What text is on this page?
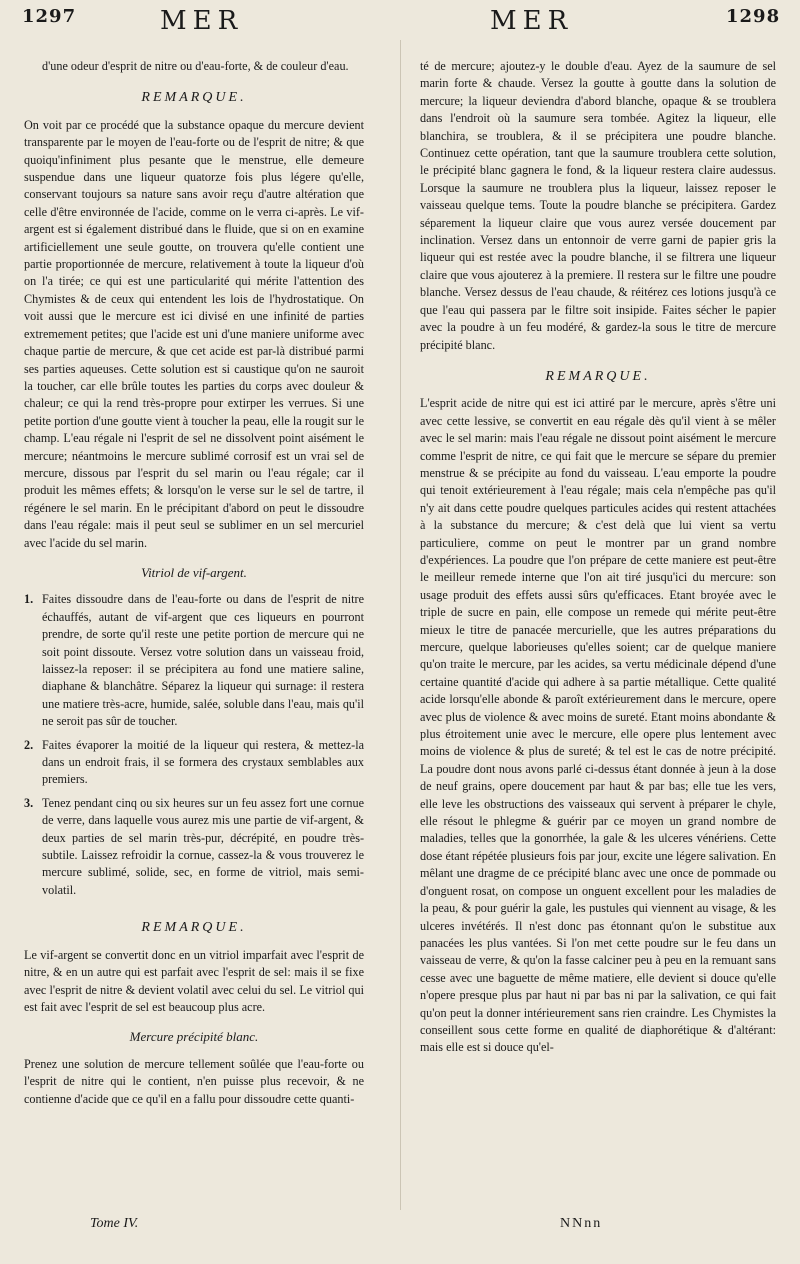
1297	MER	MER	1298

d'une odeur d'esprit de nitre ou d'eau-forte, & de couleur d'eau.

REMARQUE.

On voit par ce procédé que la substance opaque du mercure devient transparente par le moyen de l'eau-forte ou de l'esprit de nitre; & que quoiqu'infiniment plus pesante que le menstrue, elle demeure suspendue dans une liqueur quatorze fois plus légere qu'elle, conservant toujours sa nature sans avoir reçu d'autre altération que celle d'être environnée de l'acide, comme on le verra ci-après. Le vif-argent est si également distribué dans le fluide, que si on en examine artificiellement une seule goutte, on trouvera qu'elle contient une partie proportionnée de mercure, relativement à toute la liqueur d'où on l'a tirée; ce qui est une particularité qui mérite l'attention des Chymistes & de ceux qui entendent les lois de l'hydrostatique. On voit aussi que le mercure est ici divisé en une infinité de parties extremement petites; que l'acide est uni d'une maniere uniforme avec chaque partie de mercure, & que cet acide est par-là distribué parmi ses parties aqueuses. Cette solution est si caustique qu'on ne sauroit la toucher, car elle brûle toutes les parties du corps avec douleur & chaleur; ce qui la rend très-propre pour extirper les verrues. Si une petite portion d'une goutte vient à toucher la peau, elle la rougit sur le champ. L'eau régale ni l'esprit de sel ne dissolvent point aisément le mercure; néantmoins le mercure sublimé corrosif est un vrai sel de mercure, dissous par l'esprit du sel marin ou l'eau régale; car il produit les mêmes effets; & lorsqu'on le verse sur le sel de tartre, il régénere le sel marin. En le précipitant d'abord on peut le dissoudre dans l'eau régale: mais il peut seul se sublimer en un sel mercuriel avec l'acide du sel marin.

Vitriol de vif-argent.
1. Faites dissoudre dans de l'eau-forte ou dans de l'esprit de nitre échauffés, autant de vif-argent que ces liqueurs en pourront prendre, de sorte qu'il reste une petite portion de mercure qui ne soit point dissoute. Versez votre solution dans un vaisseau froid, laissez-la reposer: il se précipitera au fond une matiere saline, diaphane & blanchâtre. Séparez la liqueur qui surnage: il restera une matiere très-acre, humide, salée, soluble dans l'eau, mais qu'il ne seroit pas sûr de toucher.

2. Faites évaporer la moitié de la liqueur qui restera, & mettez-la dans un endroit frais, il se formera des crystaux semblables aux premiers.

3. Tenez pendant cinq ou six heures sur un feu assez fort une cornue de verre, dans laquelle vous aurez mis une partie de vif-argent, & deux parties de sel marin très-pur, décrépité, en poudre très-subtile. Laissez refroidir la cornue, cassez-la & vous trouverez le mercure sublimé, solide, sec, en forme de vitriol, mais semi-volatil.

REMARQUE.

Le vif-argent se convertit donc en un vitriol imparfait avec l'esprit de nitre, & en un autre qui est parfait avec l'esprit de sel: mais il se fixe avec l'esprit de nitre & devient volatil avec celui du sel. Le vitriol qui est fait avec l'esprit de sel est beaucoup plus acre.

Mercure précipité blanc.

Prenez une solution de mercure tellement soûlée que l'eau-forte ou l'esprit de nitre qui le contient, n'en puisse plus recevoir, & ne contienne d'acide que ce qu'il en a fallu pour dissoudre cette quanti-

té de mercure; ajoutez-y le double d'eau. Ayez de la saumure de sel marin forte & chaude. Versez la goutte à goutte dans la solution de mercure; la liqueur deviendra d'abord blanche, opaque & se troublera dans l'endroit où la saumure sera tombée. Agitez la liqueur, elle blanchira, se troublera, & il se précipitera une poudre blanche. Continuez cette opération, tant que la saumure troublera cette solution, le précipité blanc gagnera le fond, & la liqueur restera claire audessus. Lorsque la saumure ne troublera plus la liqueur, laissez reposer le vaisseau quelque tems. Toute la poudre blanche se précipitera. Gardez séparement la liqueur claire que vous aurez versée doucement par inclination. Versez dans un entonnoir de verre garni de papier gris la liqueur qui est restée avec la poudre blanche, il se filtrera une liqueur claire que vous ajouterez à la premiere. Il restera sur le filtre une poudre blanche. Versez dessus de l'eau chaude, & réitérez ces lotions jusqu'à ce que l'eau qui passera par le filtre soit insipide. Faites sécher le papier avec la poudre à un feu modéré, & gardez-la sous le titre de mercure précipité blanc.

REMARQUE.

L'esprit acide de nitre qui est ici attiré par le mercure, après s'être uni avec cette lessive, se convertit en eau régale dès qu'il vient à se mêler avec le sel marin: mais l'eau régale ne dissout point aisément le mercure comme l'esprit de nitre, ce qui fait que le mercure se sépare du premier menstrue & se précipite au fond du vaisseau. L'eau emporte la poudre qui tenoit extérieurement à l'eau régale; mais cela n'empêche pas qu'il n'y ait dans cette poudre quelques particules acides qui restent attachées à la substance du mercure; & c'est delà que lui vient sa vertu particuliere, comme on peut le montrer par un grand nombre d'expériences. La poudre que l'on prépare de cette maniere est peut-être le meilleur remede interne que l'on ait tiré jusqu'ici du mercure: son usage produit des effets aussi sûrs qu'efficaces. Etant broyée avec le triple de sucre en pain, elle compose un remede qui mérite peut-être mieux le titre de panacée mercurielle, que les autres préparations du mercure, quelque laborieuses qu'elles soient; car de quelque maniere qu'on traite le mercure, par les acides, sa vertu médicinale dépend d'une certaine quantité d'acide qui adhere à sa partie métallique. Cette qualité acide lorsqu'elle abonde & paroît extérieurement dans le mercure, opere avec plus de violence & avec moins de sureté. Etant moins abondante & plus étroitement unie avec le mercure, elle opere plus lentement avec moins de violence & plus de sureté; & tel est le cas de notre précipité. La poudre dont nous avons parlé ci-dessus étant donnée à jeun à la dose de neuf grains, opere doucement par haut & par bas; elle tue les vers, elle leve les obstructions des vaisseaux qui servent à préparer le chyle, elle résout le phlegme & guérir par ce moyen un grand nombre de maladies, telles que la gonorrhée, la gale & les ulceres vénériens. Cette dose étant répétée plusieurs fois par jour, excite une légere salivation. En mêlant une dragme de ce précipité blanc avec une once de pommade ou d'onguent rosat, on compose un onguent excellent pour les maladies de la peau, & pour guérir la gale, les pustules qui viennent au visage, & les ulceres invétérés. Il n'est donc pas étonnant qu'on le substitue aux panacées les plus vantées. Si l'on met cette poudre sur le feu dans un vaisseau de verre, & qu'on la fasse calciner peu à peu en la remuant sans cesse avec une baguette de même matiere, elle devient si douce qu'elle n'opere presque plus par haut ni par bas ni par la salivation, ce qui fait qu'on peut la donner intérieurement sans rien craindre. Les Chymistes la conseillent sous cette forme en qualité de diaphorétique & d'altérant: mais elle est si douce qu'el-

Tome IV.	NNnn
